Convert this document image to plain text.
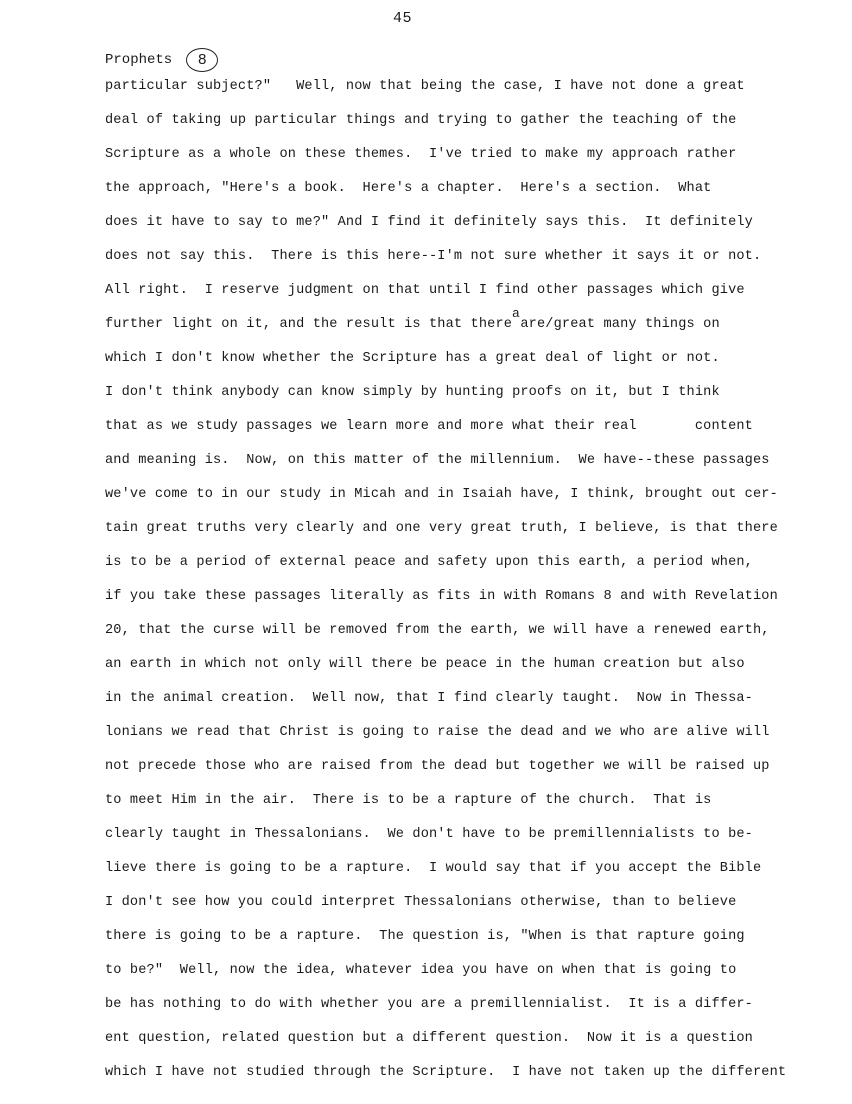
45
Prophets	8
a
particular subject?"   Well, now that being the case, I have not done a great
deal of taking up particular things and trying to gather the teaching of the
Scripture as a whole on these themes.  I've tried to make my approach rather
the approach, "Here's a book.  Here's a chapter.  Here's a section.  What
does it have to say to me?" And I find it definitely says this.  It definitely
does not say this.  There is this here--I'm not sure whether it says it or not.
All right.  I reserve judgment on that until I find other passages which give
further light on it, and the result is that there are/great many things on
which I don't know whether the Scripture has a great deal of light or not.
I don't think anybody can know simply by hunting proofs on it, but I think
that as we study passages we learn more and more what their real       content
and meaning is.  Now, on this matter of the millennium.  We have--these passages
we've come to in our study in Micah and in Isaiah have, I think, brought out cer-
tain great truths very clearly and one very great truth, I believe, is that there
is to be a period of external peace and safety upon this earth, a period when,
if you take these passages literally as fits in with Romans 8 and with Revelation
20, that the curse will be removed from the earth, we will have a renewed earth,
an earth in which not only will there be peace in the human creation but also
in the animal creation.  Well now, that I find clearly taught.  Now in Thessa-
lonians we read that Christ is going to raise the dead and we who are alive will
not precede those who are raised from the dead but together we will be raised up
to meet Him in the air.  There is to be a rapture of the church.  That is
clearly taught in Thessalonians.  We don't have to be premillennialists to be-
lieve there is going to be a rapture.  I would say that if you accept the Bible
I don't see how you could interpret Thessalonians otherwise, than to believe
there is going to be a rapture.  The question is, "When is that rapture going
to be?"  Well, now the idea, whatever idea you have on when that is going to
be has nothing to do with whether you are a premillennialist.  It is a differ-
ent question, related question but a different question.  Now it is a question
which I have not studied through the Scripture.  I have not taken up the different
